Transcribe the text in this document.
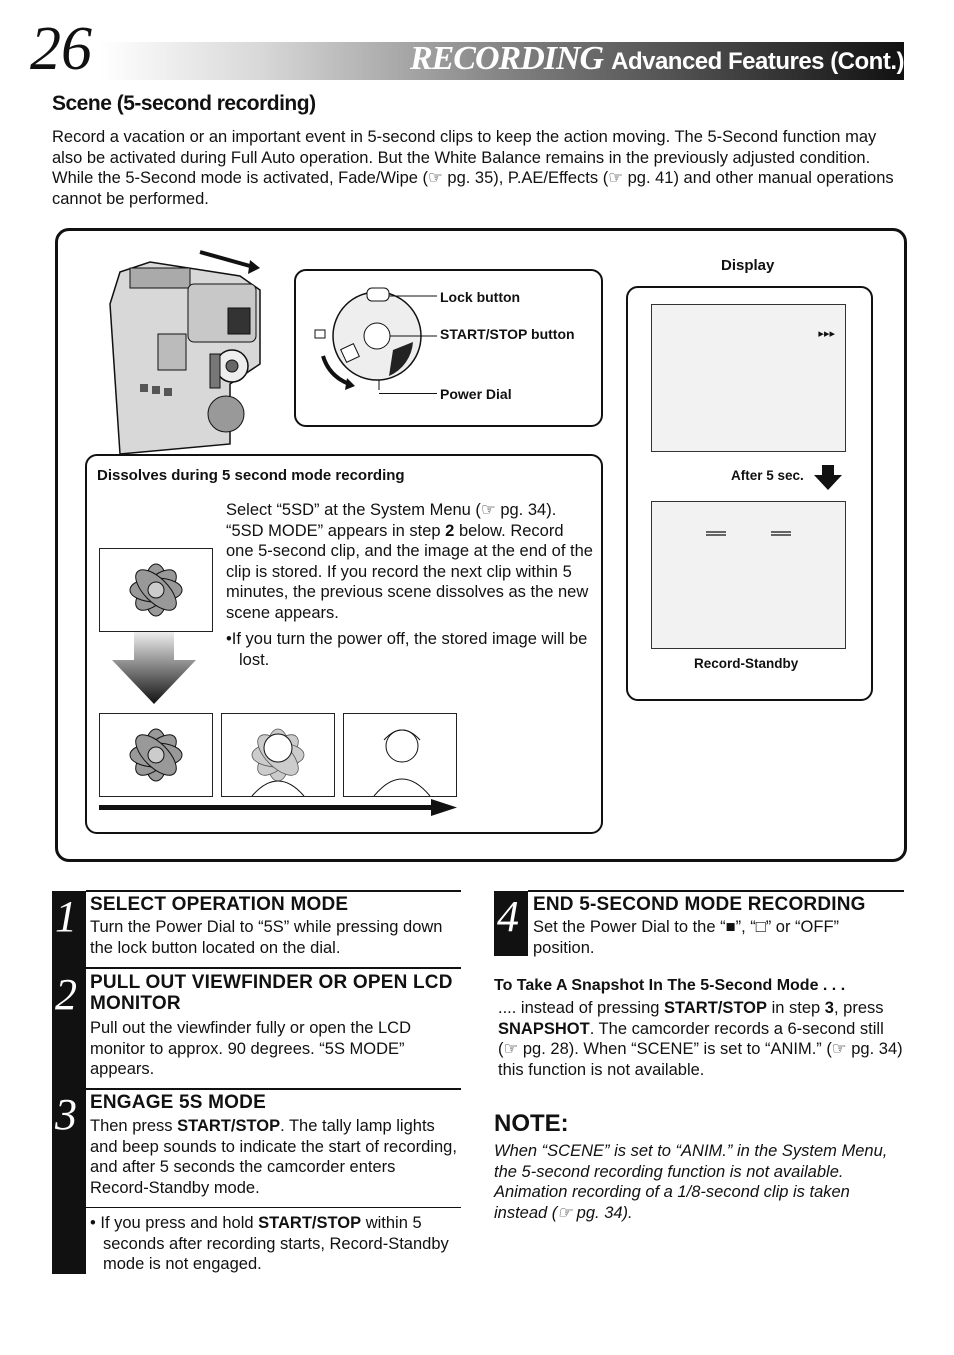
26	RECORDING Advanced Features (Cont.)
Scene (5-second recording)
Record a vacation or an important event in 5-second clips to keep the action moving. The 5-Second function may also be activated during Full Auto operation. But the White Balance remains in the previously adjusted condition. While the 5-Second mode is activated, Fade/Wipe (☞ pg. 35), P.AE/Effects (☞ pg. 41) and other manual operations cannot be performed.
Lock button
START/STOP button
Power Dial
Display
▸▸▸
After 5 sec.
Record-Standby
Dissolves during 5 second mode recording
Select “5SD” at the System Menu (☞ pg. 34). “5SD MODE” appears in step 2 below. Record one 5-second clip, and the image at the end of the clip is stored. If you record the next clip within 5 minutes, the previous scene dissolves as the new scene appears.
•If you turn the power off, the stored image will be lost.
1
2
3
SELECT OPERATION MODE
Turn the Power Dial to “5S” while pressing down the lock button located on the dial.
PULL OUT VIEWFINDER OR OPEN LCD MONITOR
Pull out the viewfinder fully or open the LCD monitor to approx. 90 degrees. “5S MODE” appears.
ENGAGE 5S MODE
Then press START/STOP. The tally lamp lights and beep sounds to indicate the start of recording, and after 5 seconds the camcorder enters Record-Standby mode.
• If you press and hold START/STOP within 5 seconds after recording starts, Record-Standby mode is not engaged.
4 END 5-SECOND MODE RECORDING
Set the Power Dial to the “■”, “□” or “OFF” position.
To Take A Snapshot In The 5-Second Mode . . .
.... instead of pressing START/STOP in step 3, press SNAPSHOT. The camcorder records a 6-second still (☞ pg. 28). When “SCENE” is set to “ANIM.” (☞ pg. 34) this function is not available.
NOTE:
When “SCENE” is set to “ANIM.” in the System Menu, the 5-second recording function is not available. Animation recording of a 1/8-second clip is taken instead (☞ pg. 34).
